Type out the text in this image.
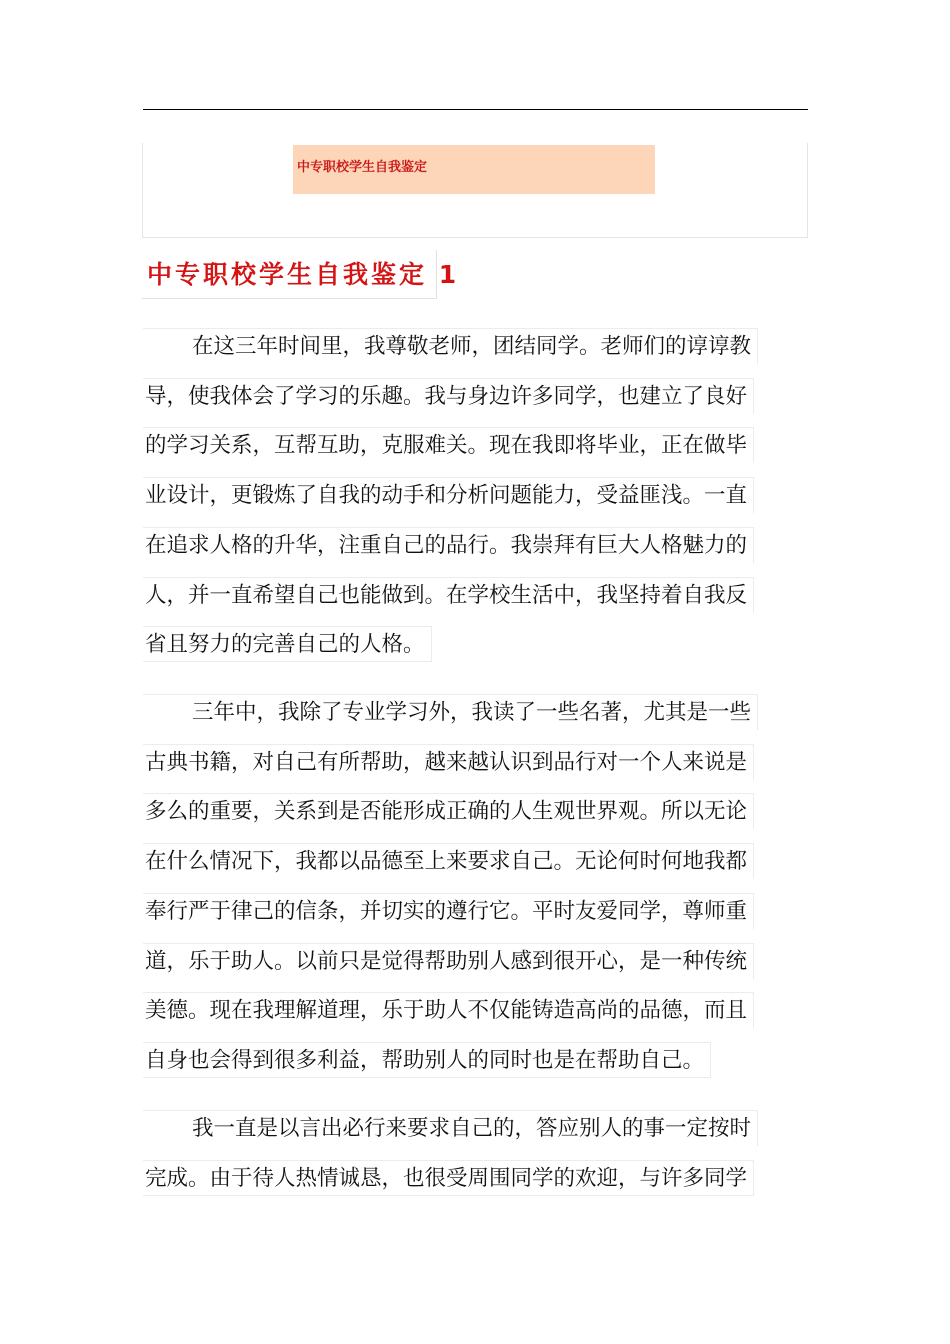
中专职校学生自我鉴定
中专职校学生自我鉴定 1
在这三年时间里，我尊敬老师，团结同学。老师们的谆谆教
导，使我体会了学习的乐趣。我与身边许多同学，也建立了良好
的学习关系，互帮互助，克服难关。现在我即将毕业，正在做毕
业设计，更锻炼了自我的动手和分析问题能力，受益匪浅。一直
在追求人格的升华，注重自己的品行。我崇拜有巨大人格魅力的
人，并一直希望自己也能做到。在学校生活中，我坚持着自我反
省且努力的完善自己的人格。
三年中，我除了专业学习外，我读了一些名著，尤其是一些
古典书籍，对自己有所帮助，越来越认识到品行对一个人来说是
多么的重要，关系到是否能形成正确的人生观世界观。所以无论
在什么情况下，我都以品德至上来要求自己。无论何时何地我都
奉行严于律己的信条，并切实的遵行它。平时友爱同学，尊师重
道，乐于助人。以前只是觉得帮助别人感到很开心，是一种传统
美德。现在我理解道理，乐于助人不仅能铸造高尚的品德，而且
自身也会得到很多利益，帮助别人的同时也是在帮助自己。
我一直是以言出必行来要求自己的，答应别人的事一定按时
完成。由于待人热情诚恳，也很受周围同学的欢迎，与许多同学
